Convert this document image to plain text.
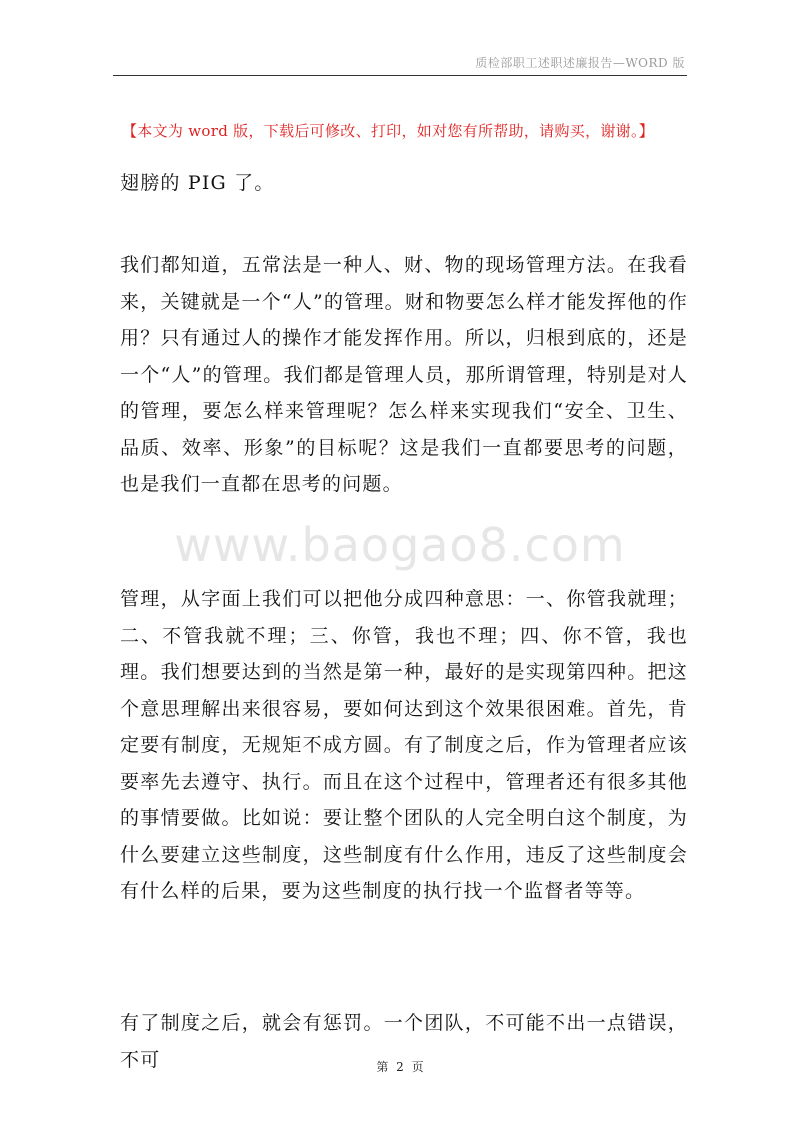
质检部职工述职述廉报告—WORD 版
【本文为 word 版，下载后可修改、打印，如对您有所帮助，请购买，谢谢。】
www.baogao8.com

翅膀的 PIG 了。

我们都知道，五常法是一种人、财、物的现场管理方法。在我看来，关键就是一个“人”的管理。财和物要怎么样才能发挥他的作用？只有通过人的操作才能发挥作用。所以，归根到底的，还是一个“人”的管理。我们都是管理人员，那所谓管理，特别是对人的管理，要怎么样来管理呢？怎么样来实现我们“安全、卫生、品质、效率、形象”的目标呢？这是我们一直都要思考的问题，也是我们一直都在思考的问题。

管理，从字面上我们可以把他分成四种意思：一、你管我就理；二、不管我就不理；三、你管，我也不理；四、你不管，我也理。我们想要达到的当然是第一种，最好的是实现第四种。把这个意思理解出来很容易，要如何达到这个效果很困难。首先，肯定要有制度，无规矩不成方圆。有了制度之后，作为管理者应该要率先去遵守、执行。而且在这个过程中，管理者还有很多其他的事情要做。比如说：要让整个团队的人完全明白这个制度，为什么要建立这些制度，这些制度有什么作用，违反了这些制度会有什么样的后果，要为这些制度的执行找一个监督者等等。

有了制度之后，就会有惩罚。一个团队，不可能不出一点错误，不可	第 2 页
